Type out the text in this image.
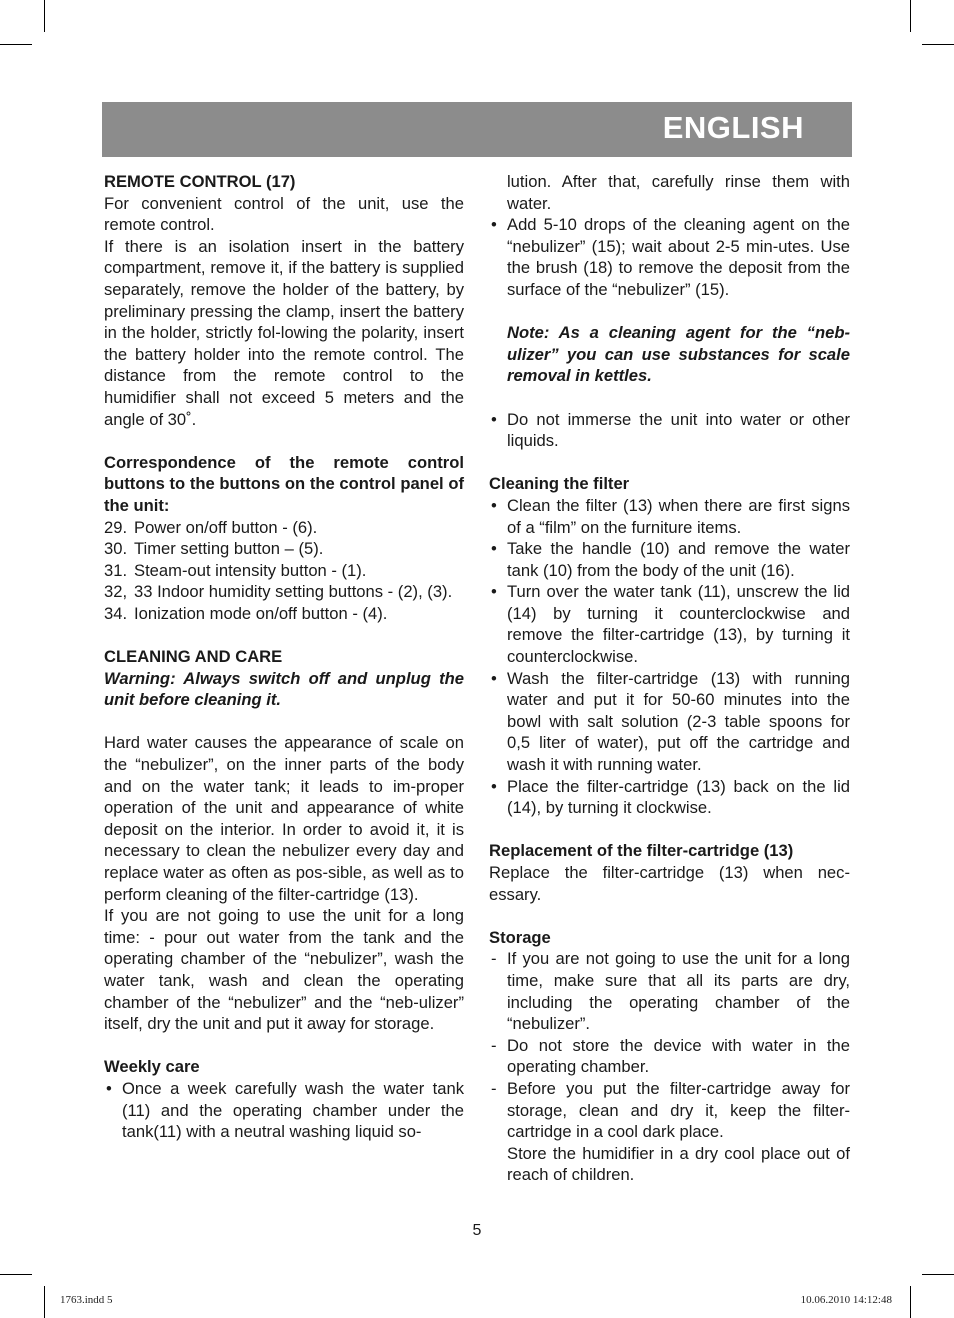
ENGLISH

REMOTE CONTROL (17)

For convenient control of the unit, use the remote control.

If there is an isolation insert in the battery compartment, remove it, if the battery is supplied separately, remove the holder of the battery, by preliminary pressing the clamp, insert the battery in the holder, strictly fol-lowing the polarity, insert the battery holder into the remote control. The distance from the remote control to the humidifier shall not exceed 5 meters and the angle of 30˚.

Correspondence of the remote control buttons to the buttons on the control panel of the unit:

29. Power on/off button - (6).
30. Timer setting button – (5).
31. Steam-out intensity button - (1).
32, 33 Indoor humidity setting buttons - (2), (3).
34. Ionization mode on/off button - (4).

CLEANING AND CARE

Warning: Always switch off and unplug the unit before cleaning it.

Hard water causes the appearance of scale on the “nebulizer”, on the inner parts of the body and on the water tank; it leads to im-proper operation of the unit and appearance of white deposit on the interior. In order to avoid it, it is necessary to clean the nebulizer every day and replace water as often as pos-sible, as well as to perform cleaning of the filter-cartridge (13).

If you are not going to use the unit for a long time: - pour out water from the tank and the operating chamber of the “nebulizer”, wash the water tank, wash and clean the operating chamber of the “nebulizer” and the “neb-ulizer” itself, dry the unit and put it away for storage.

Weekly care

• Once a week carefully wash the water tank (11) and the operating chamber under the tank(11) with a neutral washing liquid so-

lution. After that, carefully rinse them with water.

• Add 5-10 drops of the cleaning agent on the “nebulizer” (15); wait about 2-5 min-utes. Use the brush (18) to remove the deposit from the surface of the “nebulizer” (15).

Note: As a cleaning agent for the “neb-ulizer” you can use substances for scale removal in kettles.

• Do not immerse the unit into water or other liquids.

Cleaning the filter

• Clean the filter (13) when there are first signs of a “film” on the furniture items.
• Take the handle (10) and remove the water tank (10) from the body of the unit (16).
• Turn over the water tank (11), unscrew the lid (14) by turning it counterclockwise and remove the filter-cartridge (13), by turning it counterclockwise.
• Wash the filter-cartridge (13) with running water and put it for 50-60 minutes into the bowl with salt solution (2-3 table spoons for 0,5 liter of water), put off the cartridge and wash it with running water.
• Place the filter-cartridge (13) back on the lid (14), by turning it clockwise.

Replacement of the filter-cartridge (13)

Replace the filter-cartridge (13) when nec-essary.

Storage

- If you are not going to use the unit for a long time, make sure that all its parts are dry, including the operating chamber of the “nebulizer”.
- Do not store the device with water in the operating chamber.
- Before you put the filter-cartridge away for storage, clean and dry it, keep the filter-cartridge in a cool dark place.

Store the humidifier in a dry cool place out of reach of children.

5
1763.indd 5	10.06.2010 14:12:48
